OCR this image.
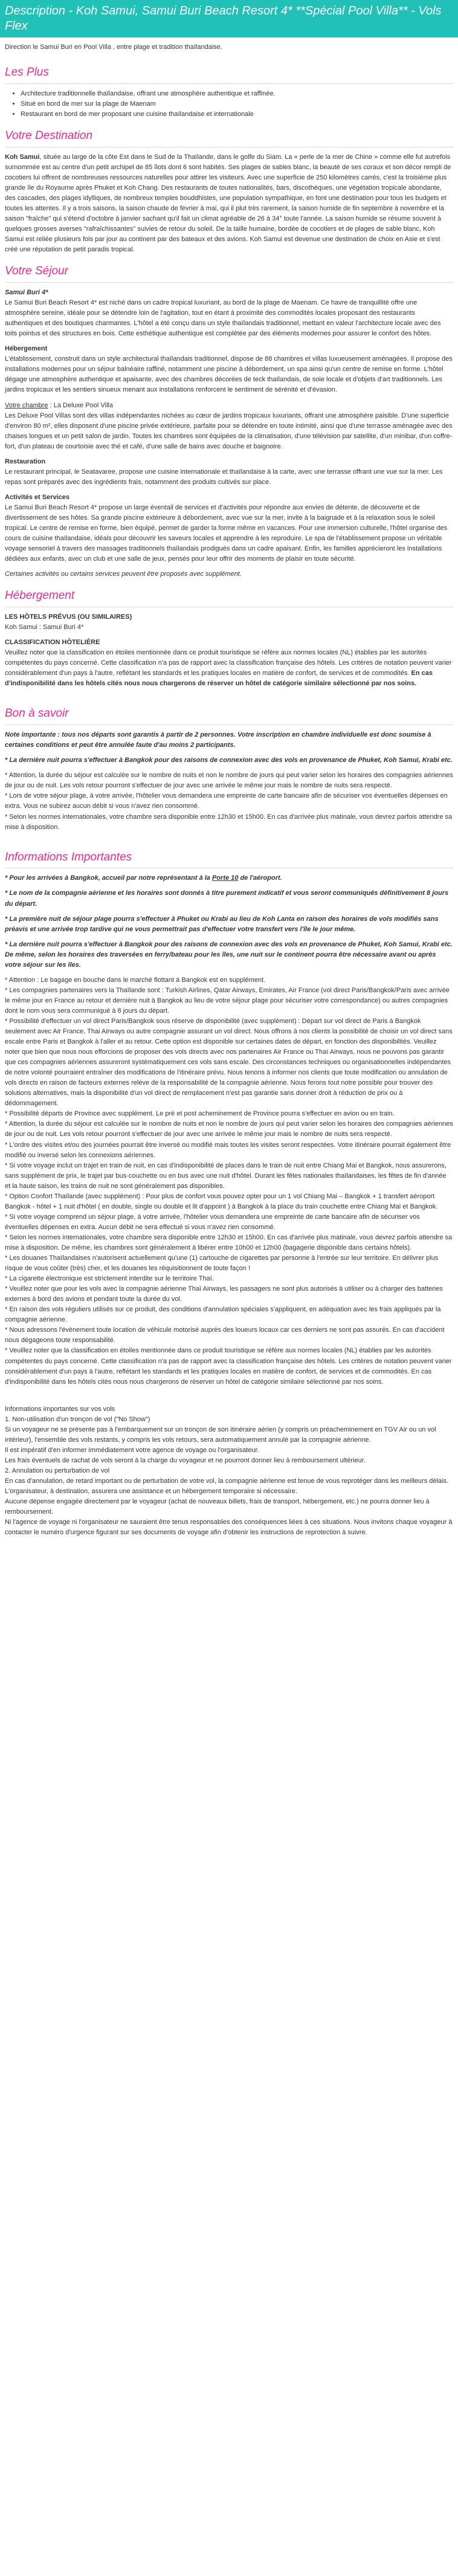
Description - Koh Samui, Samui Buri Beach Resort 4* **Spécial Pool Villa** - Vols Flex

Direction le Samui Buri en Pool Villa , entre plage et tradition thaïlandaise.

Les Plus
• Architecture traditionnelle thaïlandaise, offrant une atmosphère authentique et raffinée.
• Situé en bord de mer sur la plage de Maenam
• Restaurant en bord de mer proposant une cuisine thaïlandaise et internationale
Votre Destination

Koh Samui, située au large de la côte Est dans le Sud de la Thaïlande, dans le golfe du Siam. La « perle de la mer de Chine » comme elle fut autrefois surnommée est au centre d'un petit archipel de 85 îlots dont 6 sont habités. Ses plages de sables blanc, la beauté de ses coraux et son décor rempli de cocotiers lui offrent de nombreuses ressources naturelles pour attirer les visiteurs. Avec une superficie de 250 kilomètres carrés, c'est la troisième plus grande île du Royaume après Phuket et Koh Chang. Des restaurants de toutes nationalités, bars, discothèques, une végétation tropicale abondante, des cascades, des plages idylliques, de nombreux temples bouddhistes, une population sympathique, en font une destination pour tous les budgets et toutes les attentes. Il y a trois saisons, la saison chaude de février à mai, qui il plut très rarement, la saison humide de fin septembre à novembre et la saison "fraîche" qui s'étend d'octobre à janvier sachant qu'il fait un climat agréable de 26 à 34° toute l'année. La saison humide se résume souvent à quelques grosses averses "rafraîchissantes" suivies de retour du soleil. De la taille humaine, bordée de cocotiers et de plages de sable blanc, Koh Samui est reliée plusieurs fois par jour au continent par des bateaux et des avions. Koh Samui est devenue une destination de choix en Asie et s'est créé une réputation de petit paradis tropical.

Votre Séjour

Samui Buri 4*
Le Samui Buri Beach Resort 4* est niché dans un cadre tropical luxuriant, au bord de la plage de Maenam. Ce havre de tranquillité offre une atmosphère sereine, idéale pour se détendre loin de l'agitation, tout en étant à proximité des commodités locales proposant des restaurants authentiques et des boutiques charmantes. L'hôtel a été conçu dans un style thaïlandais traditionnel, mettant en valeur l'architecture locale avec des toits pointus et des structures en bois. Cette esthétique authentique est complétée par des éléments modernes pour assurer le confort des hôtes.

Hébergement
L'établissement, construit dans un style architectural thaïlandais traditionnel, dispose de 88 chambres et villas luxueusement aménagées. Il propose des installations modernes pour un séjour balnéaire raffiné, notamment une piscine à débordement, un spa ainsi qu'un centre de remise en forme. L'hôtel dégage une atmosphère authentique et apaisante, avec des chambres décorées de teck thaïlandais, de soie locale et d'objets d'art traditionnels. Les jardins tropicaux et les sentiers sinueux menant aux installations renforcent le sentiment de sérénité et d'évasion.

Votre chambre : La Deluxe Pool Villa
Les Deluxe Pool Villas sont des villas indépendantes nichées au cœur de jardins tropicaux luxuriants, offrant une atmosphère paisible. D'une superficie d'environ 80 m², elles disposent d'une piscine privée extérieure, parfaite pour se détendre en toute intimité, ainsi que d'une terrasse aménagée avec des chaises longues et un petit salon de jardin. Toutes les chambres sont équipées de la climatisation, d'une télévision par satellite, d'un minibar, d'un coffre-fort, d'un plateau de courtoisie avec thé et café, d'une salle de bains avec douche et baignoire.

Restauration
Le restaurant principal, le Seatavaree, propose une cuisine internationale et thaïlandaise à la carte, avec une terrasse offrant une vue sur la mer. Les repas sont préparés avec des ingrédients frais, notamment des produits cultivés sur place.

Activités et Services
Le Samui Buri Beach Resort 4* propose un large éventail de services et d'activités pour répondre aux envies de détente, de découverte et de divertissement de ses hôtes. Sa grande piscine extérieure à débordement, avec vue sur la mer, invite à la baignade et à la relaxation sous le soleil tropical. Le centre de remise en forme, bien équipé, permet de garder la forme même en vacances. Pour une immersion culturelle, l'hôtel organise des cours de cuisine thaïlandaise, idéals pour découvrir les saveurs locales et apprendre à les reproduire. Le spa de l'établissement propose un véritable voyage sensoriel à travers des massages traditionnels thaïlandais prodigués dans un cadre apaisant. Enfin, les familles apprécieront les installations dédiées aux enfants, avec un club et une salle de jeux, pensés pour leur offrir des moments de plaisir en toute sécurité.

Certaines activités ou certains services peuvent être proposés avec supplément.

Hébergement

LES HÔTELS PRÉVUS (OU SIMILAIRES)
Koh Samui : Samui Buri 4*

CLASSIFICATION HÔTELIÈRE
Veuillez noter que la classification en étoiles mentionnée dans ce produit touristique se réfère aux normes locales (NL) établies par les autorités compétentes du pays concerné. Cette classification n'a pas de rapport avec la classification française des hôtels. Les critères de notation peuvent varier considérablement d'un pays à l'autre, reflétant les standards et les pratiques locales en matière de confort, de services et de commodités. En cas d'indisponibilité dans les hôtels cités nous nous chargerons de réserver un hôtel de catégorie similaire sélectionné par nos soins.

Bon à savoir

Note importante : tous nos départs sont garantis à partir de 2 personnes. Votre inscription en chambre individuelle est donc soumise à certaines conditions et peut être annulée faute d'au moins 2 participants.

* La dernière nuit pourra s'effectuer à Bangkok pour des raisons de connexion avec des vols en provenance de Phuket, Koh Samui, Krabi etc.

* Attention, la durée du séjour est calculée sur le nombre de nuits et non le nombre de jours qui peut varier selon les horaires des compagnies aériennes de jour ou de nuit. Les vols retour pourront s'effectuer de jour avec une arrivée le même jour mais le nombre de nuits sera respecté.

* Lors de votre séjour plage, à votre arrivée, l'hôtelier vous demandera une empreinte de carte bancaire afin de sécuriser vos éventuelles dépenses en extra. Vous ne subirez aucun débit si vous n'avez rien consommé.

* Selon les normes internationales, votre chambre sera disponible entre 12h30 et 15h00. En cas d'arrivée plus matinale, vous devrez parfois attendre sa mise à disposition.

Informations Importantes

* Pour les arrivées à Bangkok, accueil par notre représentant à la Porte 10 de l'aéroport.

* Le nom de la compagnie aérienne et les horaires sont donnés à titre purement indicatif et vous seront communiqués définitivement 8 jours du départ.

* La première nuit de séjour plage pourra s'effectuer à Phuket ou Krabi au lieu de Koh Lanta en raison des horaires de vols modifiés sans préavis et une arrivée trop tardive qui ne vous permettrait pas d'effectuer votre transfert vers l'île le jour même.

* La dernière nuit pourra s'effectuer à Bangkok pour des raisons de connexion avec des vols en provenance de Phuket, Koh Samui, Krabi etc. De même, selon les horaires des traversées en ferry/bateau pour les îles, une nuit sur le continent pourra être nécessaire avant ou après votre séjour sur les îles.

* Attention : Le bagage en bouche dans le marché flottant à Bangkok est en supplément.

* Les compagnies partenaires vers la Thaïlande sont : Turkish Airlines, Qatar Airways, Emirates, Air France (vol direct Paris/Bangkok/Paris avec arrivée le même jour en France au retour et dernière nuit à Bangkok au lieu de votre séjour plage pour sécuriser votre correspondance) ou autres compagnies dont le nom vous sera communiqué à 8 jours du départ.

* Possibilité d'effectuer un vol direct Paris/Bangkok sous réserve de disponibilité (avec supplément) : Départ sur vol direct de Paris à Bangkok seulement avec Air France, Thai Airways ou autre compagnie assurant un vol direct. Nous offrons à nos clients la possibilité de choisir un vol direct sans escale entre Paris et Bangkok à l'aller et au retour. Cette option est disponible sur certaines dates de départ, en fonction des disponibilités. Veuillez noter que bien que nous nous efforcions de proposer des vols directs avec nos partenaires Air France ou Thaï Airways, nous ne pouvons pas garantir que ces compagnies aériennes assureront systématiquement ces vols sans escale. Des circonstances techniques ou organisationnelles indépendantes de notre volonté pourraient entraîner des modifications de l'itinéraire prévu. Nous tenons à informer nos clients que toute modification ou annulation de vols directs en raison de facteurs externes relève de la responsabilité de la compagnie aérienne. Nous ferons tout notre possible pour trouver des solutions alternatives, mais la disponibilité d'un vol direct de remplacement n'est pas garantie sans donner droit à réduction de prix ou à dédommagement.

* Possibilité départs de Province avec supplément. Le pré et post acheminement de Province pourra s'effectuer en avion ou en train.

* Attention, la durée du séjour est calculée sur le nombre de nuits et non le nombre de jours qui peut varier selon les horaires des compagnies aériennes de jour ou de nuit. Les vols retour pourront s'effectuer de jour avec une arrivée le même jour mais le nombre de nuits sera respecté.

* L'ordre des visites et/ou des journées pourrait être inversé ou modifié mais toutes les visites seront respectées. Votre itinéraire pourrait également être modifié ou inversé selon les connexions aériennes.

* Si votre voyage inclut un trajet en train de nuit, en cas d'indisponibilité de places dans le train de nuit entre Chiang Mai et Bangkok, nous assurerons, sans supplément de prix, le trajet par bus-couchette ou en bus avec une nuit d'hôtel. Durant les fêtes nationales thaïlandaises, les fêtes de fin d'année et la haute saison, les trains de nuit ne sont généralement pas disponibles.

* Option Confort Thaïlande (avec supplément) : Pour plus de confort vous pouvez opter pour un 1 vol Chiang Mai – Bangkok + 1 transfert aéroport Bangkok - hôtel + 1 nuit d'hôtel ( en double, single ou double et lit d'appoint ) à Bangkok à la place du train couchette entre Chiang Mai et Bangkok.

* Si votre voyage comprend un séjour plage, à votre arrivée, l'hôtelier vous demandera une empreinte de carte bancaire afin de sécuriser vos éventuelles dépenses en extra. Aucun débit ne sera effectué si vous n'avez rien consommé.

* Selon les normes internationales, votre chambre sera disponible entre 12h30 et 15h00. En cas d'arrivée plus matinale, vous devrez parfois attendre sa mise à disposition. De même, les chambres sont généralement à libérer entre 10h00 et 12h00 (bagagerie disponible dans certains hôtels).

* Les douanes Thaïlandaises n'autorisent actuellement qu'une (1) cartouche de cigarettes par personne à l'entrée sur leur territoire. En délivrer plus risque de vous coûter (très) cher, et les douanes les réquisitionnent de toute façon !

* La cigarette électronique est strictement interdite sur le territoire Thaï.

* Veuillez noter que pour les vols avec la compagnie aérienne Thaï Airways, les passagers ne sont plus autorisés à utiliser ou à charger des batteries externes à bord des avions et pendant toute la durée du vol.

* En raison des vols réguliers utilisés sur ce produit, des conditions d'annulation spéciales s'appliquent, en adéquation avec les frais appliqués par la compagnie aérienne.

* Nous adressons l'évènement toute location de véhicule motorisé auprès des loueurs locaux car ces derniers ne sont pas assurés. En cas d'accident nous dégageons toute responsabilité.

* Veuillez noter que la classification en étoiles mentionnée dans ce produit touristique se réfère aux normes locales (NL) établies par les autorités compétentes du pays concerné. Cette classification n'a pas de rapport avec la classification française des hôtels. Les critères de notation peuvent varier considérablement d'un pays à l'autre, reflétant les standards et les pratiques locales en matière de confort, de services et de commodités. En cas d'indisponibilité dans les hôtels cités nous nous chargerons de réserver un hôtel de catégorie similaire sélectionné par nos soins.

Informations importantes sur vos vols

1. Non-utilisation d'un tronçon de vol ("No Show")

Si un voyageur ne se présente pas à l'embarquement sur un tronçon de son itinéraire aérien (y compris un préacheminement en TGV Air ou un vol intérieur), l'ensemble des vols restants, y compris les vols retours, sera automatiquement annulé par la compagnie aérienne.

Il est impératif d'en informer immédiatement votre agence de voyage ou l'organisateur.

Les frais éventuels de rachat de vols seront à la charge du voyageur et ne pourront donner lieu à remboursement ultérieur.

2. Annulation ou perturbation de vol

En cas d'annulation, de retard important ou de perturbation de votre vol, la compagnie aérienne est tenue de vous reprotéger dans les meilleurs délais.

L'organisateur, à destination, assurera une assistance et un hébergement temporaire si nécessaire.

Aucune dépense engagée directement par le voyageur (achat de nouveaux billets, frais de transport, hébergement, etc.) ne pourra donner lieu à remboursement.

Ni l'agence de voyage ni l'organisateur ne sauraient être tenus responsables des conséquences liées à ces situations. Nous invitons chaque voyageur à contacter le numéro d'urgence figurant sur ses documents de voyage afin d'obtenir les instructions de reprotection à suivre.
